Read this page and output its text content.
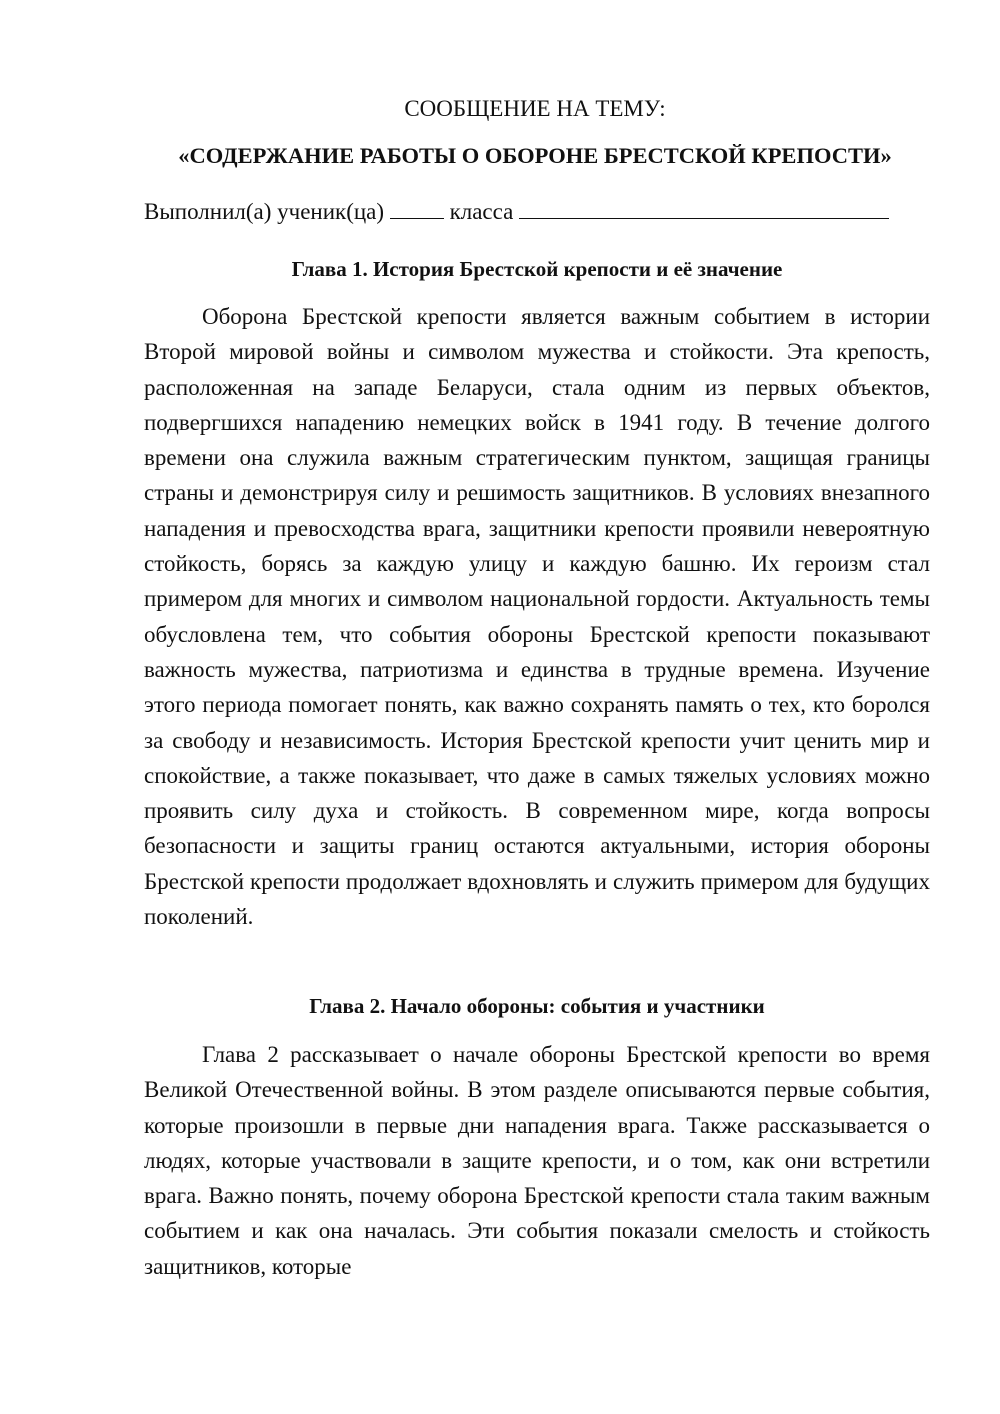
СООБЩЕНИЕ НА ТЕМУ:
«СОДЕРЖАНИЕ РАБОТЫ О ОБОРОНЕ БРЕСТСКОЙ КРЕПОСТИ»
Выполнил(а) ученик(ца)	класса
Глава 1. История Брестской крепости и её значение

Оборона Брестской крепости является важным событием в истории Второй мировой войны и символом мужества и стойкости. Эта крепость, расположенная на западе Беларуси, стала одним из первых объектов, подвергшихся нападению немецких войск в 1941 году. В течение долгого времени она служила важным стратегическим пунктом, защищая границы страны и демонстрируя силу и решимость защитников. В условиях внезапного нападения и превосходства врага, защитники крепости проявили невероятную стойкость, борясь за каждую улицу и каждую башню. Их героизм стал примером для многих и символом национальной гордости. Актуальность темы обусловлена тем, что события обороны Брестской крепости показывают важность мужества, патриотизма и единства в трудные времена. Изучение этого периода помогает понять, как важно сохранять память о тех, кто боролся за свободу и независимость. История Брестской крепости учит ценить мир и спокойствие, а также показывает, что даже в самых тяжелых условиях можно проявить силу духа и стойкость. В современном мире, когда вопросы безопасности и защиты границ остаются актуальными, история обороны Брестской крепости продолжает вдохновлять и служить примером для будущих поколений.

Глава 2. Начало обороны: события и участники

Глава 2 рассказывает о начале обороны Брестской крепости во время Великой Отечественной войны. В этом разделе описываются первые события, которые произошли в первые дни нападения врага. Также рассказывается о людях, которые участвовали в защите крепости, и о том, как они встретили врага. Важно понять, почему оборона Брестской крепости стала таким важным событием и как она началась. Эти события показали смелость и стойкость защитников, которые
